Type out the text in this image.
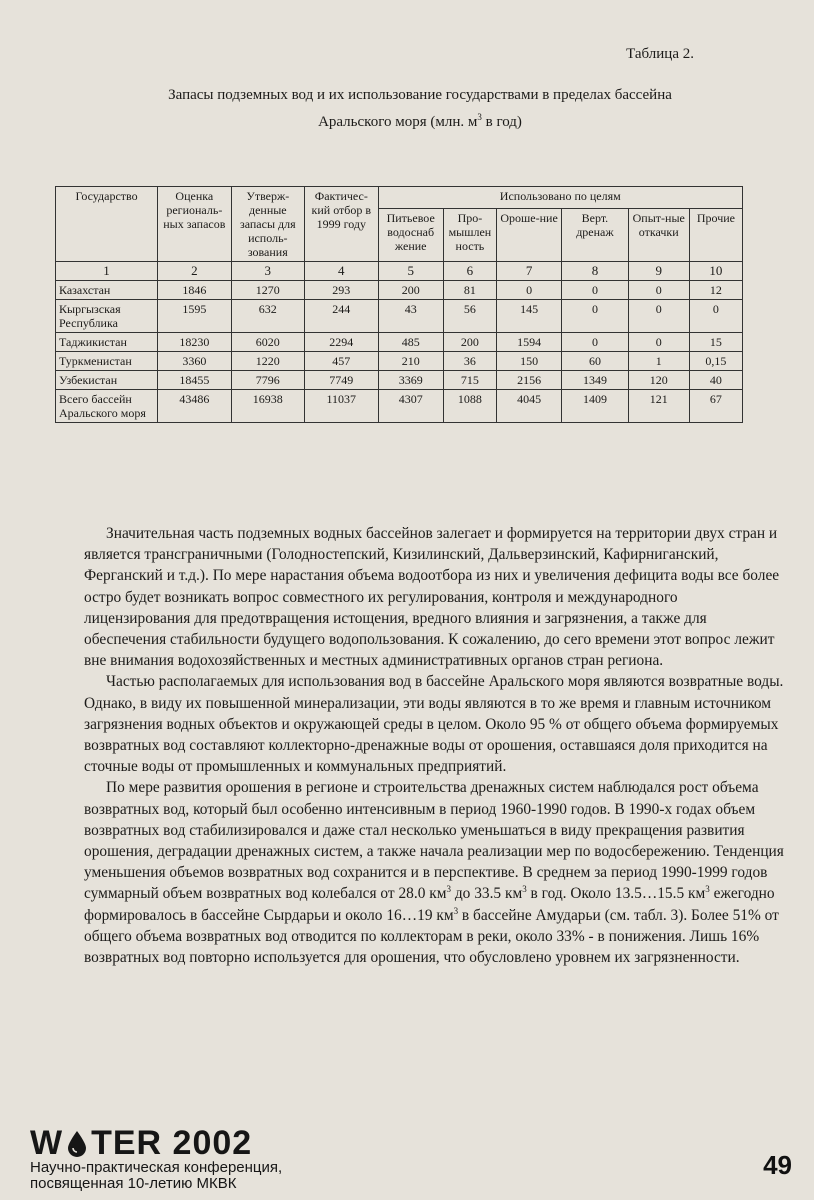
Таблица 2.
Запасы подземных вод и их использование государствами в пределах бассейна
Аральского моря (млн. $м^3$ в год)
Государство	Оценка региональ-ных запасов	Утверж-денные запасы для исполь-зования	Фактичес-кий отбор в 1999 году	Использовано по целям					
				Питьевое водоснаб жение	Про-мышлен ность	Ороше-ние	Верт. дренаж	Опыт-ные откачки	Прочие
1	2	3	4	5	6	7	8	9	10
Казахстан	1846	1270	293	200	81	0	0	0	12
Кыргызская Республика	1595	632	244	43	56	145	0	0	0
Таджикистан	18230	6020	2294	485	200	1594	0	0	15
Туркменистан	3360	1220	457	210	36	150	60	1	0,15
Узбекистан	18455	7796	7749	3369	715	2156	1349	120	40
Всего бассейн Аральского моря	43486	16938	11037	4307	1088	4045	1409	121	67

Значительная часть подземных водных бассейнов залегает и формируется на территории двух стран и является трансграничными (Голодностепский, Кизилинский, Дальверзинский, Кафирниганский, Ферганский и т.д.). По мере нарастания объема водоотбора из них и увеличения дефицита воды все более остро будет возникать вопрос совместного их регулирования, контроля и международного лицензирования для предотвращения истощения, вредного влияния и загрязнения, а также для обеспечения стабильности будущего водопользования. К сожалению, до сего времени этот вопрос лежит вне внимания водохозяйственных и местных административных органов стран региона.

Частью располагаемых для использования вод в бассейне Аральского моря являются возвратные воды. Однако, в виду их повышенной минерализации, эти воды являются в то же время и главным источником загрязнения водных объектов и окружающей среды в целом. Около 95 % от общего объема формируемых возвратных вод составляют коллекторно-дренажные воды от орошения, оставшаяся доля приходится на сточные воды от промышленных и коммунальных предприятий.

По мере развития орошения в регионе и строительства дренажных систем наблюдался рост объема возвратных вод, который был особенно интенсивным в период 1960-1990 годов. В 1990-х годах объем возвратных вод стабилизировался и даже стал несколько уменьшаться в виду прекращения развития орошения, деградации дренажных систем, а также начала реализации мер по водосбережению. Тенденция уменьшения объемов возвратных вод сохранится и в перспективе. В среднем за период 1990-1999 годов суммарный объем возвратных вод колебался от 28.0 $км^3$ до 33.5 $км^3$ в год. Около 13.5…15.5 $км^3$ ежегодно формировалось в бассейне Сырдарьи и около 16…19 $км^3$ в бассейне Амударьи (см. табл. 3). Более 51% от общего объема возвратных вод отводится по коллекторам в реки, около 33% - в понижения. Лишь 16% возвратных вод повторно используется для орошения, что обусловлено уровнем их загрязненности.

W TER 2002
Научно-практическая конференция,
посвященная 10-летию МКВК
49
